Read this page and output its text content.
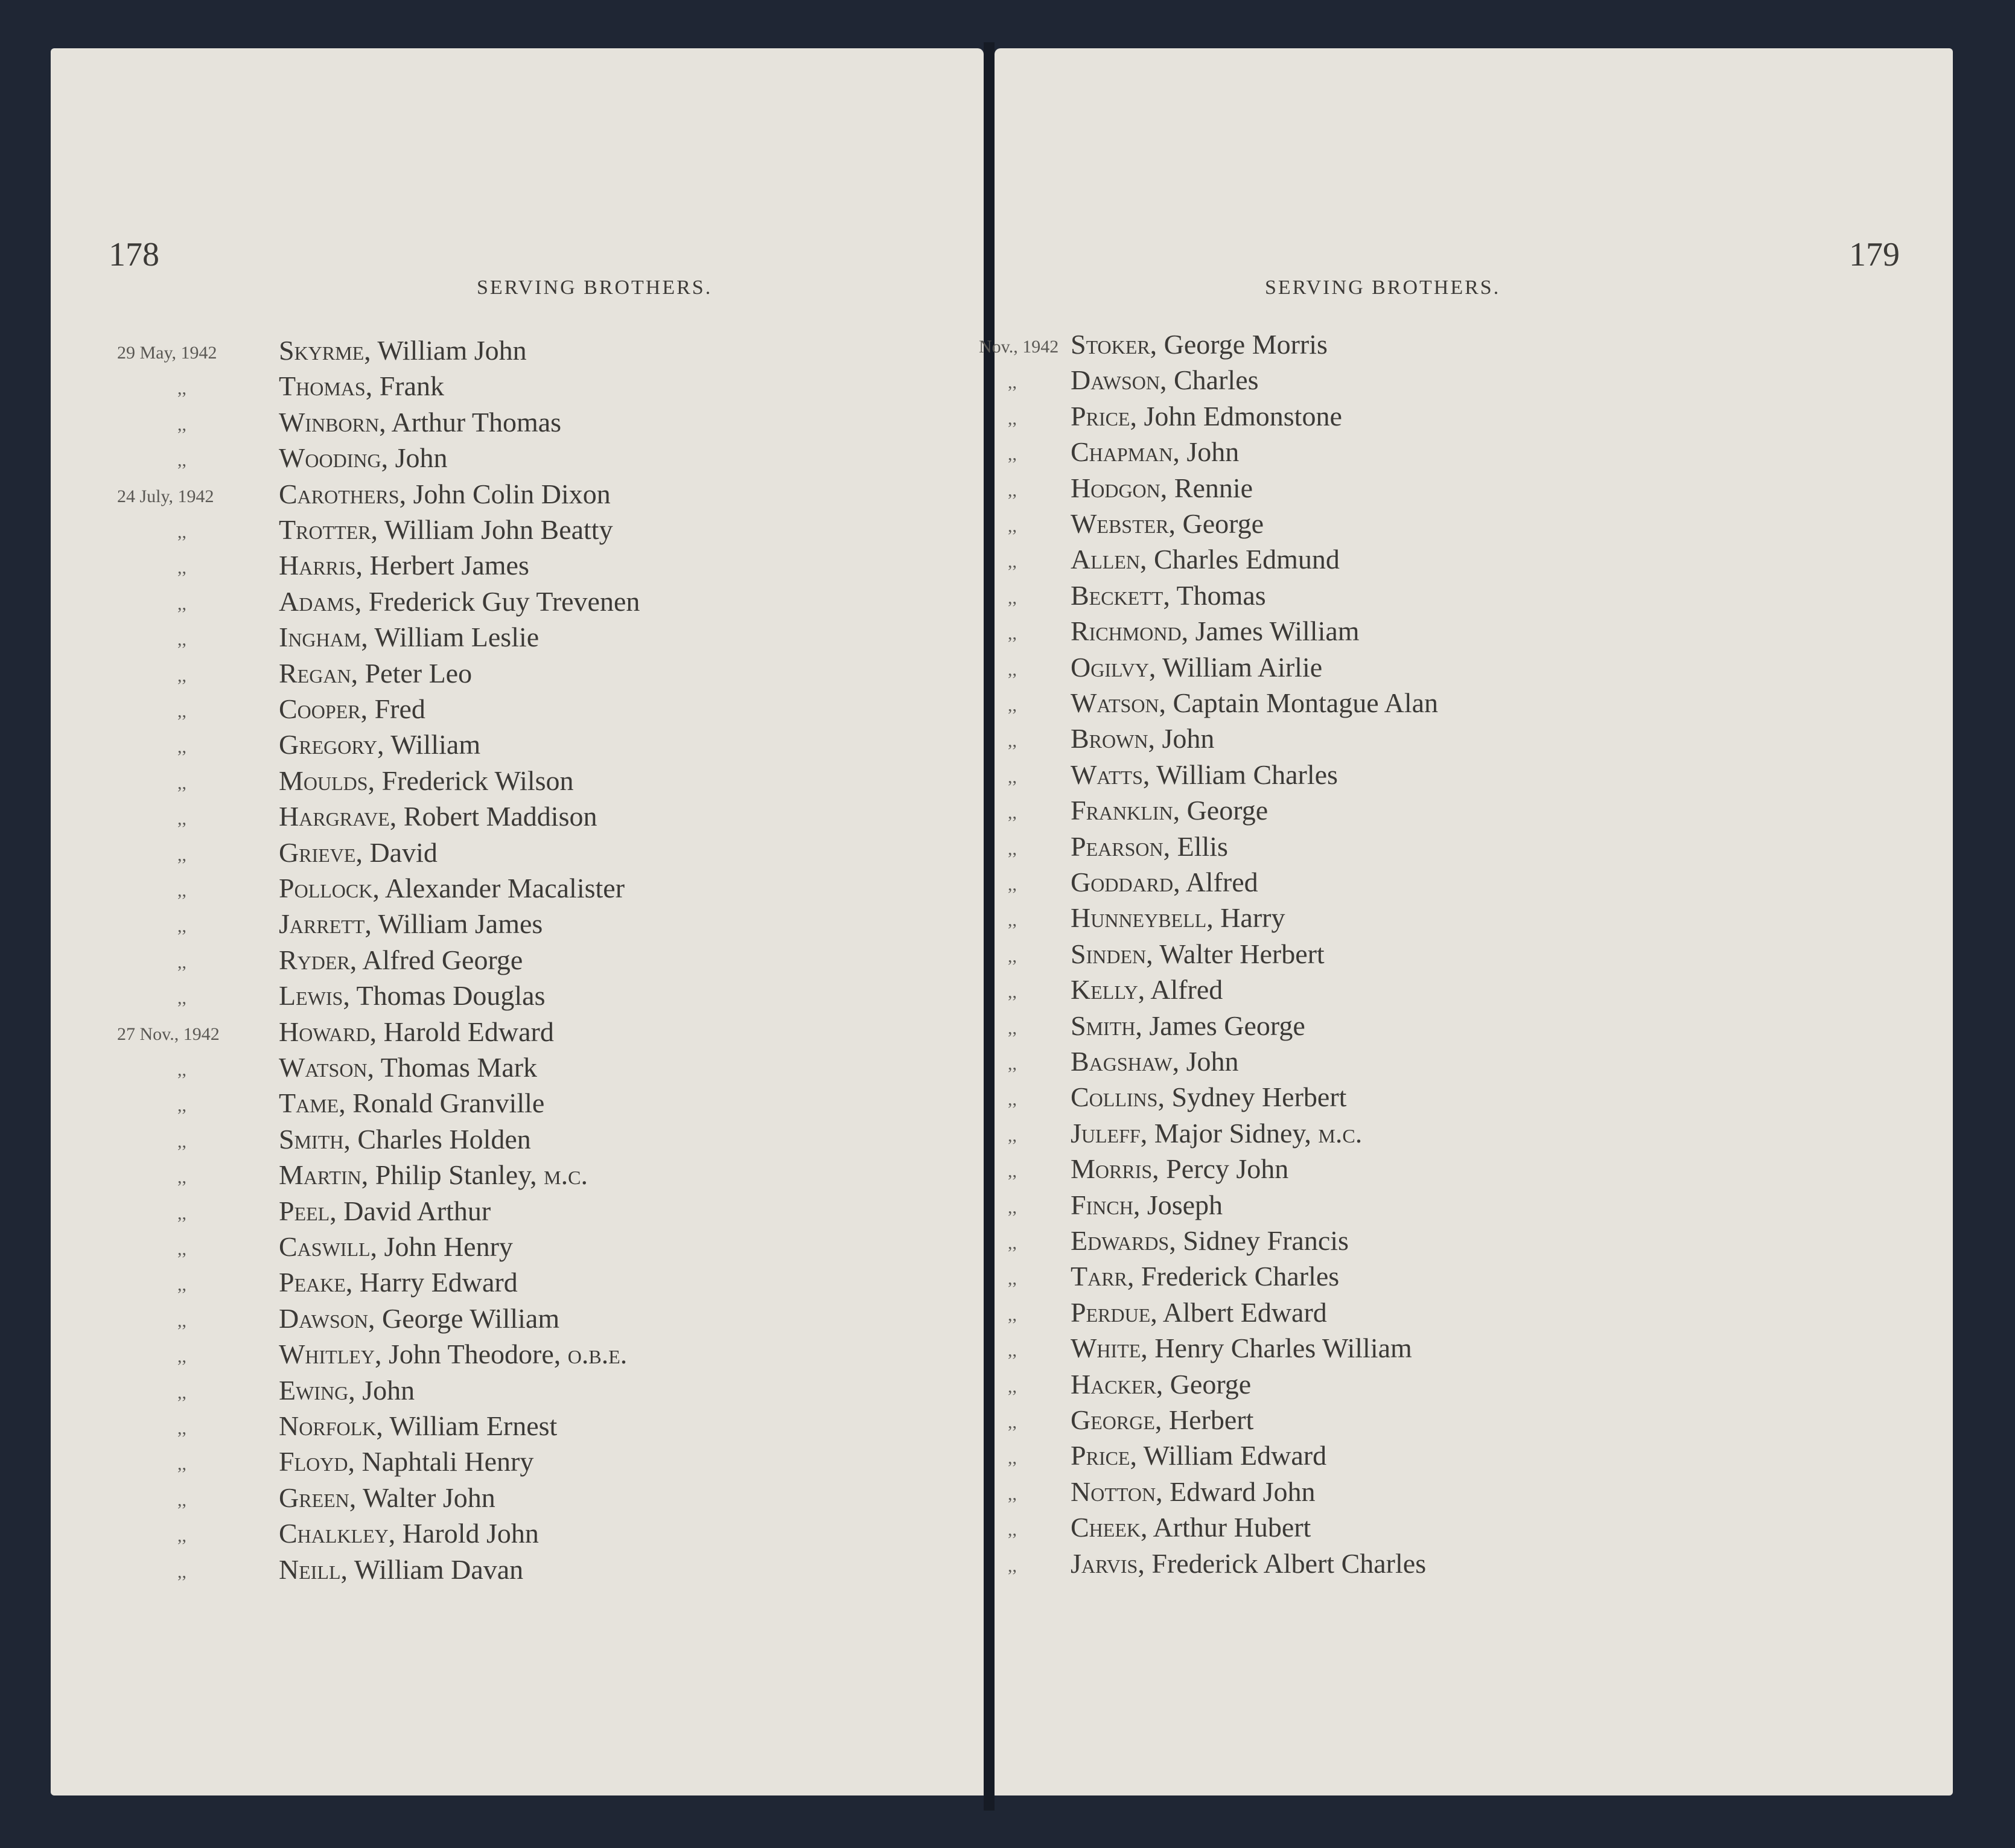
178
SERVING BROTHERS.
29 May, 1942 Skyrme, William John
,,	Thomas, Frank
,,	Winborn, Arthur Thomas
,,	Wooding, John
24 July, 1942 Carothers, John Colin Dixon
,,	Trotter, William John Beatty
,,	Harris, Herbert James
,,	Adams, Frederick Guy Trevenen
,,	Ingham, William Leslie
,,	Regan, Peter Leo
,,	Cooper, Fred
,,	Gregory, William
,,	Moulds, Frederick Wilson
,,	Hargrave, Robert Maddison
,,	Grieve, David
,,	Pollock, Alexander Macalister
,,	Jarrett, William James
,,	Ryder, Alfred George
,,	Lewis, Thomas Douglas
27 Nov., 1942 Howard, Harold Edward
,,	Watson, Thomas Mark
,,	Tame, Ronald Granville
,,	Smith, Charles Holden
,,	Martin, Philip Stanley, m.c.
,,	Peel, David Arthur
,,	Caswill, John Henry
,,	Peake, Harry Edward
,,	Dawson, George William
,,	Whitley, John Theodore, o.b.e.
,,	Ewing, John
,,	Norfolk, William Ernest
,,	Floyd, Naphtali Henry
,,	Green, Walter John
,,	Chalkley, Harold John
,,	Neill, William Davan
SERVING BROTHERS.
179
Nov., 1942 Stoker, George Morris
,, Dawson, Charles
,, Price, John Edmonstone
,, Chapman, John
,, Hodgon, Rennie
,, Webster, George
,, Allen, Charles Edmund
,, Beckett, Thomas
,, Richmond, James William
,, Ogilvy, William Airlie
,, Watson, Captain Montague Alan
,, Brown, John
,, Watts, William Charles
,, Franklin, George
,, Pearson, Ellis
,, Goddard, Alfred
,, Hunneybell, Harry
,, Sinden, Walter Herbert
,, Kelly, Alfred
,, Smith, James George
,, Bagshaw, John
,, Collins, Sydney Herbert
,, Juleff, Major Sidney, m.c.
,, Morris, Percy John
,, Finch, Joseph
,, Edwards, Sidney Francis
,, Tarr, Frederick Charles
,, Perdue, Albert Edward
,, White, Henry Charles William
,, Hacker, George
,, George, Herbert
,, Price, William Edward
,, Notton, Edward John
,, Cheek, Arthur Hubert
,, Jarvis, Frederick Albert Charles
